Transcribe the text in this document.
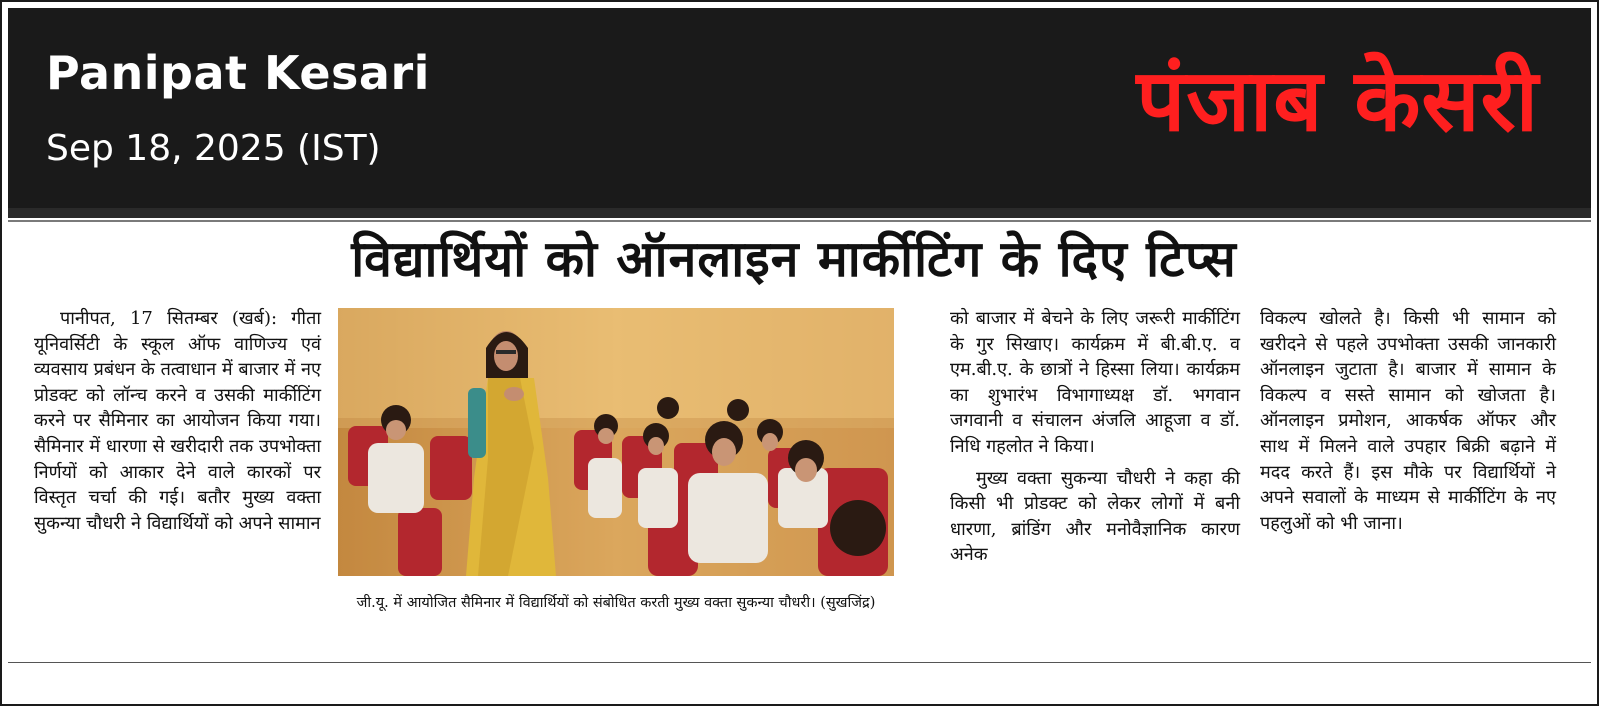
Panipat Kesari
Sep 18, 2025 (IST)	पंजाब केसरी
विद्यार्थियों को ऑनलाइन मार्कीटिंग के दिए टिप्स

पानीपत, 17 सितम्बर (खर्ब): गीता यूनिवर्सिटी के स्कूल ऑफ वाणिज्य एवं व्यवसाय प्रबंधन के तत्वाधान में बाजार में नए प्रोडक्ट को लॉन्च करने व उसकी मार्कीटिंग करने पर सैमिनार का आयोजन किया गया। सैमिनार में धारणा से खरीदारी तक उपभोक्ता निर्णयों को आकार देने वाले कारकों पर विस्तृत चर्चा की गई। बतौर मुख्य वक्ता सुकन्या चौधरी ने विद्यार्थियों को अपने सामान

जी.यू. में आयोजित सैमिनार में विद्यार्थियों को संबोधित करती मुख्य वक्ता सुकन्या चौधरी। (सुखजिंद्र)

को बाजार में बेचने के लिए जरूरी मार्कीटिंग के गुर सिखाए। कार्यक्रम में बी.बी.ए. व एम.बी.ए. के छात्रों ने हिस्सा लिया। कार्यक्रम का शुभारंभ विभागाध्यक्ष डॉ. भगवान जगवानी व संचालन अंजलि आहूजा व डॉ. निधि गहलोत ने किया।

मुख्य वक्ता सुकन्या चौधरी ने कहा की किसी भी प्रोडक्ट को लेकर लोगों में बनी धारणा, ब्रांडिंग और मनोवैज्ञानिक कारण अनेक

विकल्प खोलते है। किसी भी सामान को खरीदने से पहले उपभोक्ता उसकी जानकारी ऑनलाइन जुटाता है। बाजार में सामान के विकल्प व सस्ते सामान को खोजता है। ऑनलाइन प्रमोशन, आकर्षक ऑफर और साथ में मिलने वाले उपहार बिक्री बढ़ाने में मदद करते हैं। इस मौके पर विद्यार्थियों ने अपने सवालों के माध्यम से मार्कीटिंग के नए पहलुओं को भी जाना।
